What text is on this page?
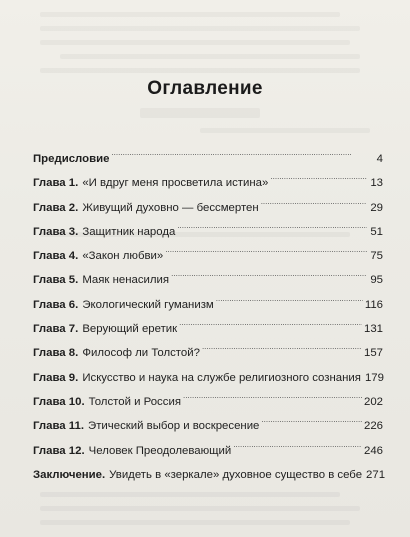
Оглавление
Предисловие . . .	4
Глава 1. «И вдруг меня просветила истина» . . .	13
Глава 2. Живущий духовно — бессмертен . . .	29
Глава 3. Защитник народа . . .	51
Глава 4. «Закон любви» . . .	75
Глава 5. Маяк ненасилия . . .	95
Глава 6. Экологический гуманизм . . .	116
Глава 7. Верующий еретик . . .	131
Глава 8. Философ ли Толстой? . . .	157
Глава 9. Искусство и наука на службе религиозного сознания 179
Глава 10. Толстой и Россия . . .	202
Глава 11. Этический выбор и воскресение . . .	226
Глава 12. Человек Преодолевающий . . .	246
Заключение. Увидеть в «зеркале» духовное существо в себе 271
